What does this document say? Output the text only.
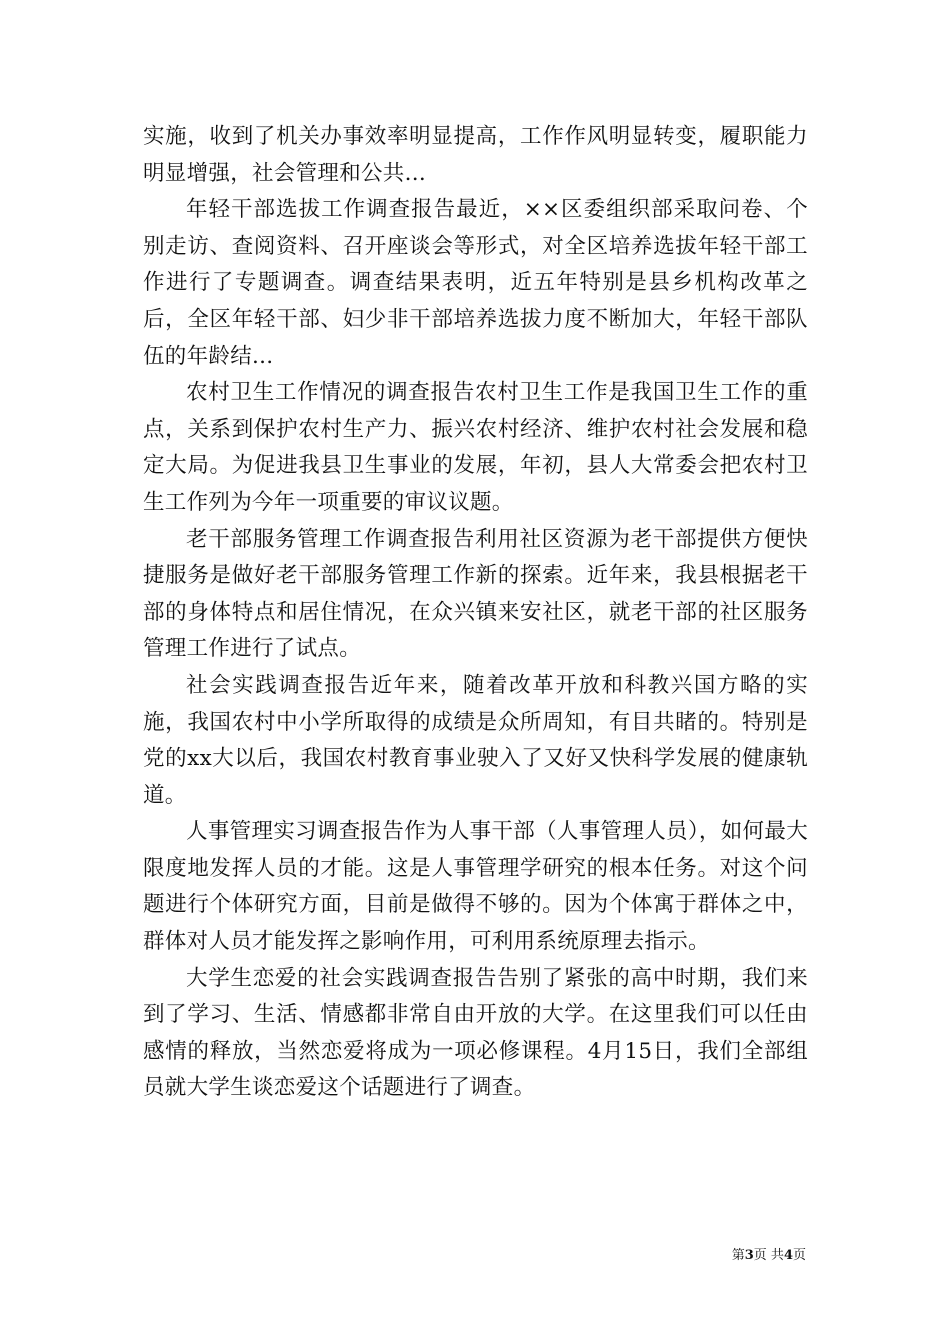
实施，收到了机关办事效率明显提高，工作作风明显转变，履职能力明显增强，社会管理和公共...

年轻干部选拔工作调查报告最近，××区委组织部采取问卷、个别走访、查阅资料、召开座谈会等形式，对全区培养选拔年轻干部工作进行了专题调查。调查结果表明，近五年特别是县乡机构改革之后，全区年轻干部、妇少非干部培养选拔力度不断加大，年轻干部队伍的年龄结...

农村卫生工作情况的调查报告农村卫生工作是我国卫生工作的重点，关系到保护农村生产力、振兴农村经济、维护农村社会发展和稳定大局。为促进我县卫生事业的发展，年初，县人大常委会把农村卫生工作列为今年一项重要的审议议题。

老干部服务管理工作调查报告利用社区资源为老干部提供方便快捷服务是做好老干部服务管理工作新的探索。近年来，我县根据老干部的身体特点和居住情况，在众兴镇来安社区，就老干部的社区服务管理工作进行了试点。

社会实践调查报告近年来，随着改革开放和科教兴国方略的实施，我国农村中小学所取得的成绩是众所周知，有目共睹的。特别是党的xx大以后，我国农村教育事业驶入了又好又快科学发展的健康轨道。

人事管理实习调查报告作为人事干部（人事管理人员），如何最大限度地发挥人员的才能。这是人事管理学研究的根本任务。对这个问题进行个体研究方面，目前是做得不够的。因为个体寓于群体之中，群体对人员才能发挥之影响作用，可利用系统原理去指示。

大学生恋爱的社会实践调查报告告别了紧张的高中时期，我们来到了学习、生活、情感都非常自由开放的大学。在这里我们可以任由感情的释放，当然恋爱将成为一项必修课程。4月15日，我们全部组员就大学生谈恋爱这个话题进行了调查。

第3页 共4页
